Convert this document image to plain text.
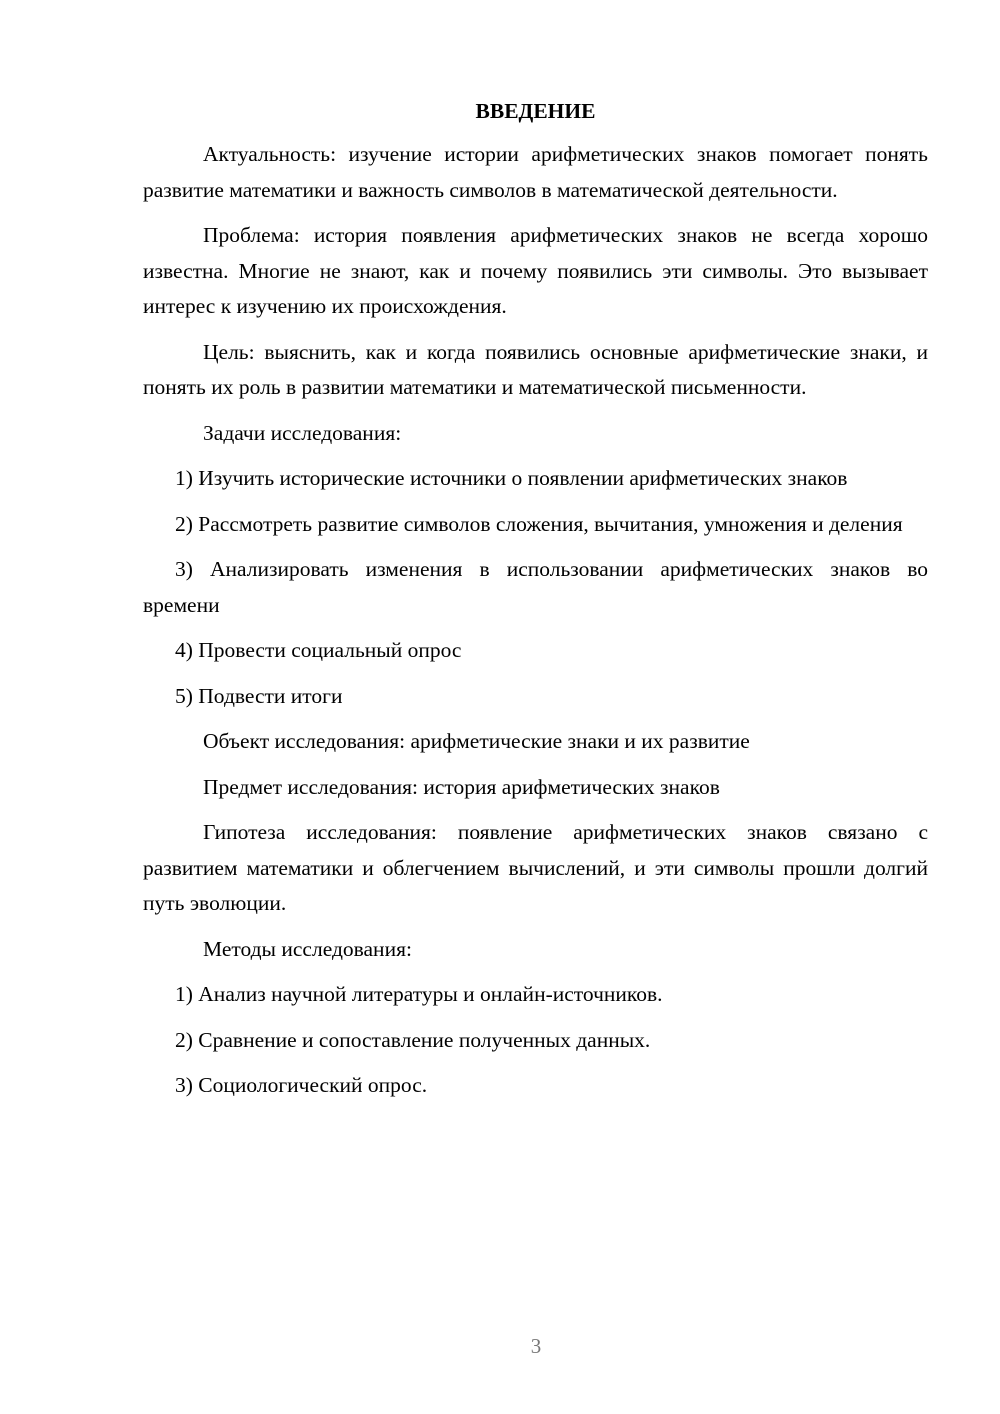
ВВЕДЕНИЕ
Актуальность: изучение истории арифметических знаков помогает понять развитие математики и важность символов в математической деятельности.
Проблема: история появления арифметических знаков не всегда хорошо известна. Многие не знают, как и почему появились эти символы. Это вызывает интерес к изучению их происхождения.
Цель: выяснить, как и когда появились основные арифметические знаки, и понять их роль в развитии математики и математической письменности.
Задачи исследования:
1) Изучить исторические источники о появлении арифметических знаков
2) Рассмотреть развитие символов сложения, вычитания, умножения и деления
3) Анализировать изменения в использовании арифметических знаков во времени
4) Провести социальный опрос
5) Подвести итоги
Объект исследования: арифметические знаки и их развитие
Предмет исследования: история арифметических знаков
Гипотеза исследования: появление арифметических знаков связано с развитием математики и облегчением вычислений, и эти символы прошли долгий путь эволюции.
Методы исследования:
1) Анализ научной литературы и онлайн-источников.
2) Сравнение и сопоставление полученных данных.
3) Социологический опрос.
3
